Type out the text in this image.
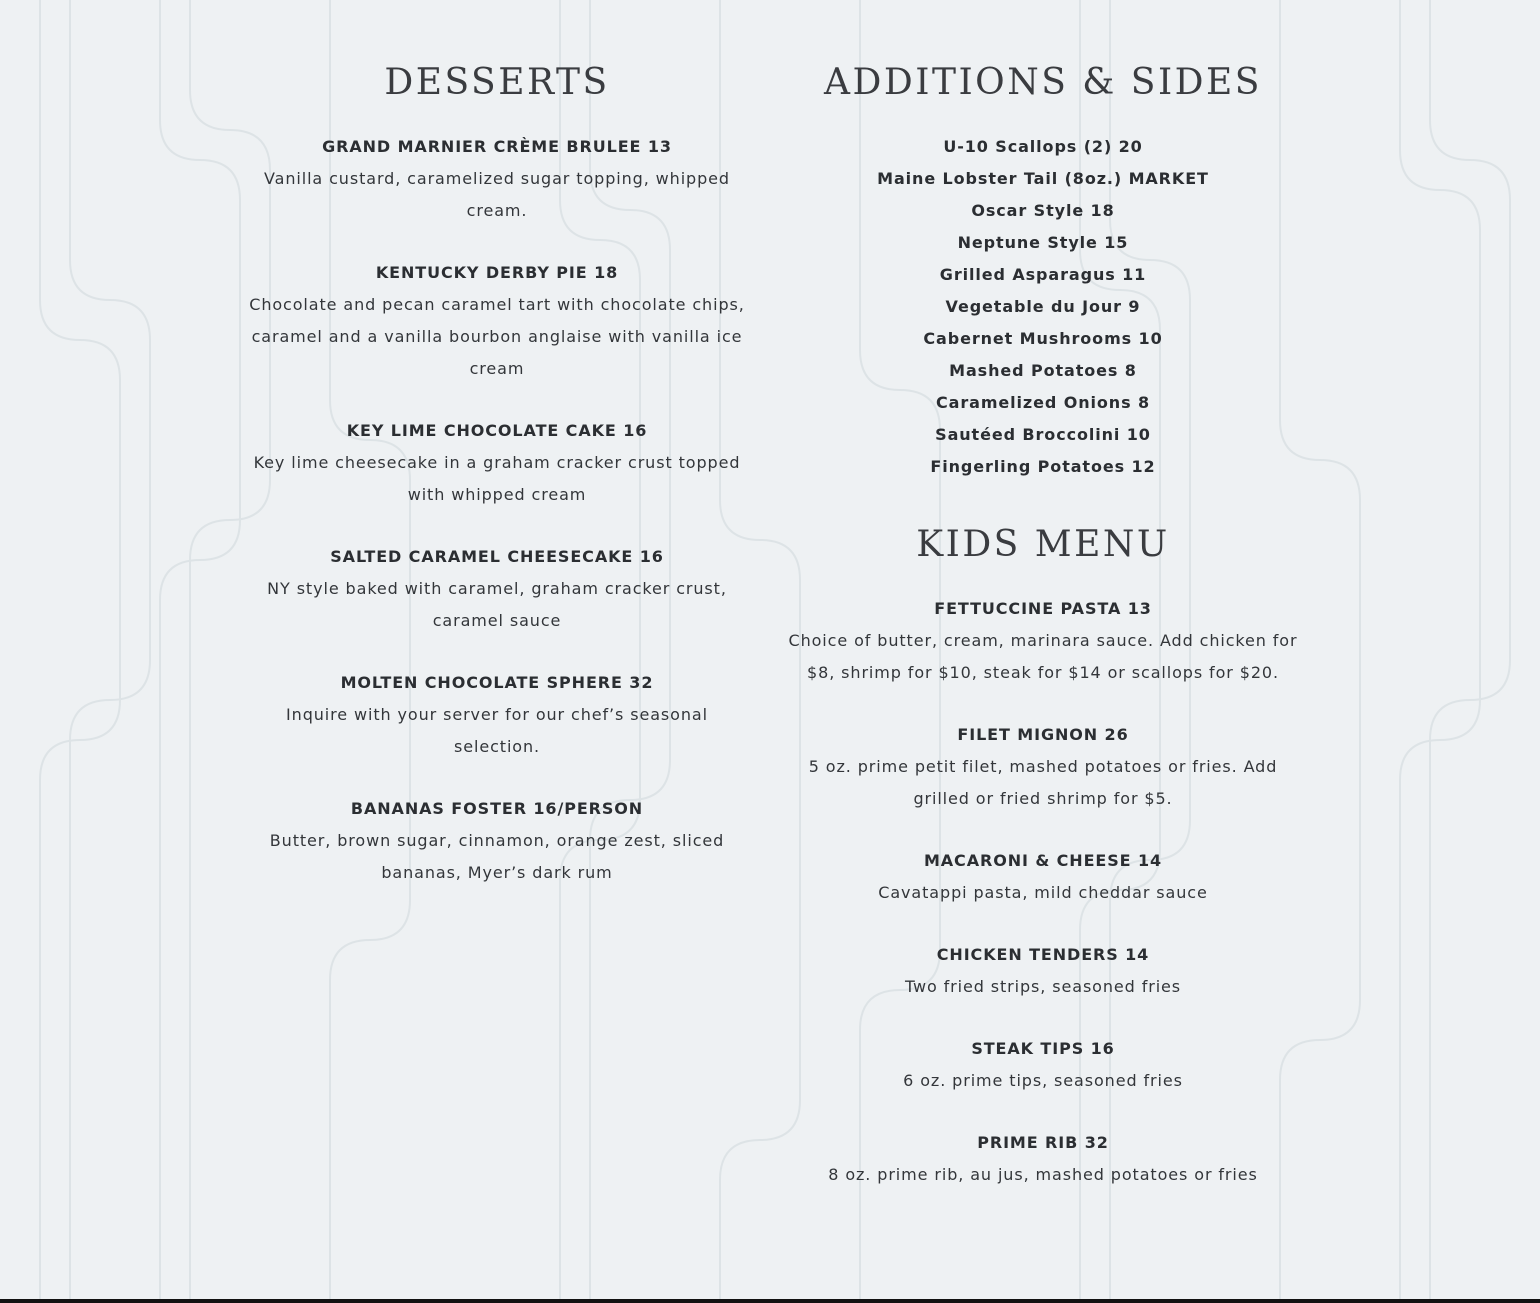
DESSERTS
GRAND MARNIER CRÈME BRULEE 13
Vanilla custard, caramelized sugar topping, whipped cream.
KENTUCKY DERBY PIE 18
Chocolate and pecan caramel tart with chocolate chips, caramel and a vanilla bourbon anglaise with vanilla ice cream
KEY LIME CHOCOLATE CAKE 16
Key lime cheesecake in a graham cracker crust topped with whipped cream
SALTED CARAMEL CHEESECAKE 16
NY style baked with caramel, graham cracker crust, caramel sauce
MOLTEN CHOCOLATE SPHERE 32
Inquire with your server for our chef’s seasonal selection.
BANANAS FOSTER 16/PERSON
Butter, brown sugar, cinnamon, orange zest, sliced bananas, Myer’s dark rum
ADDITIONS & SIDES
U-10 Scallops (2) 20
Maine Lobster Tail (8oz.) MARKET
Oscar Style 18
Neptune Style 15
Grilled Asparagus 11
Vegetable du Jour 9
Cabernet Mushrooms 10
Mashed Potatoes 8
Caramelized Onions 8
Sautéed Broccolini 10
Fingerling Potatoes 12
KIDS MENU
FETTUCCINE PASTA 13
Choice of butter, cream, marinara sauce. Add chicken for $8, shrimp for $10, steak for $14 or scallops for $20.
FILET MIGNON 26
5 oz. prime petit filet, mashed potatoes or fries. Add grilled or fried shrimp for $5.
MACARONI & CHEESE 14
Cavatappi pasta, mild cheddar sauce
CHICKEN TENDERS 14
Two fried strips, seasoned fries
STEAK TIPS 16
6 oz. prime tips, seasoned fries
PRIME RIB 32
8 oz. prime rib, au jus, mashed potatoes or fries
